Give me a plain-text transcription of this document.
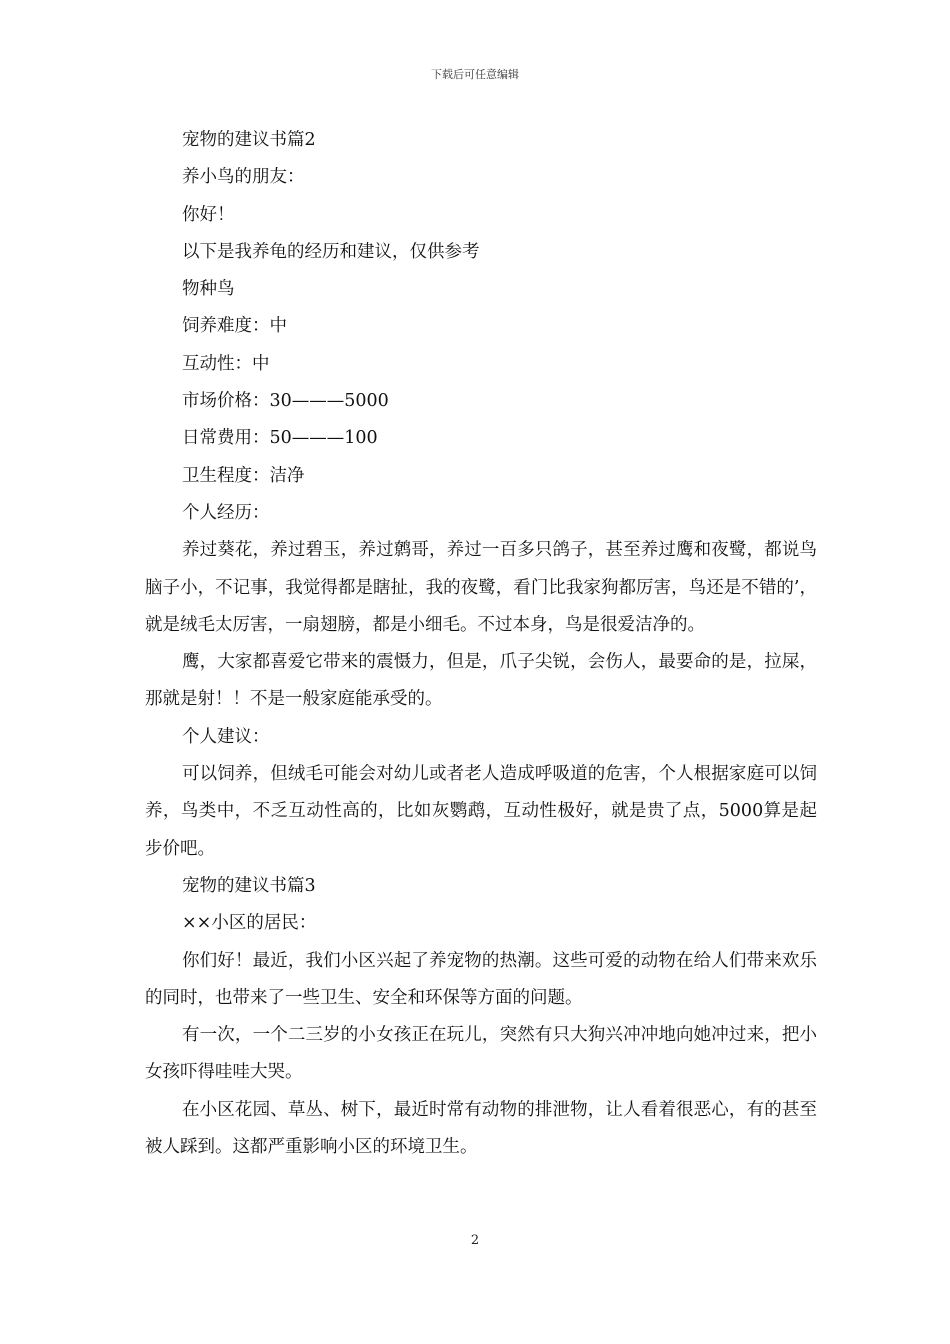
下载后可任意编辑
宠物的建议书篇2
养小鸟的朋友：
你好！
以下是我养龟的经历和建议，仅供参考
物种鸟
饲养难度：中
互动性：中
市场价格：30———5000
日常费用：50———100
卫生程度：洁净
个人经历：
养过葵花，养过碧玉，养过鹩哥，养过一百多只鸽子，甚至养过鹰和夜鹭，都说鸟脑子小，不记事，我觉得都是瞎扯，我的夜鹭，看门比我家狗都厉害，鸟还是不错的’，就是绒毛太厉害，一扇翅膀，都是小细毛。不过本身，鸟是很爱洁净的。
鹰，大家都喜爱它带来的震慑力，但是，爪子尖锐，会伤人，最要命的是，拉屎，那就是射！！不是一般家庭能承受的。
个人建议：
可以饲养，但绒毛可能会对幼儿或者老人造成呼吸道的危害，个人根据家庭可以饲养，鸟类中，不乏互动性高的，比如灰鹦鹉，互动性极好，就是贵了点，5000算是起步价吧。
宠物的建议书篇3
××小区的居民：
你们好！最近，我们小区兴起了养宠物的热潮。这些可爱的动物在给人们带来欢乐的同时，也带来了一些卫生、安全和环保等方面的问题。
有一次，一个二三岁的小女孩正在玩儿，突然有只大狗兴冲冲地向她冲过来，把小女孩吓得哇哇大哭。
在小区花园、草丛、树下，最近时常有动物的排泄物，让人看着很恶心，有的甚至被人踩到。这都严重影响小区的环境卫生。
2
